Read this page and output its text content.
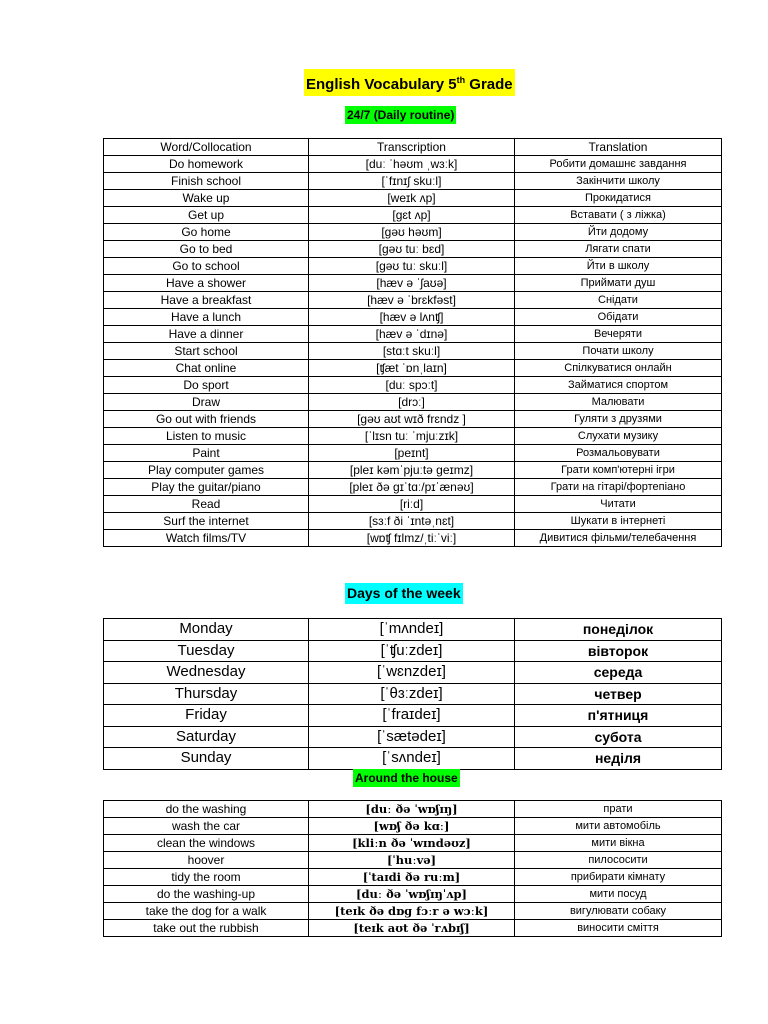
English Vocabulary 5th Grade
24/7 (Daily routine)
Word/Collocation	Transcription	Translation
Do homework	[duː ˈhəʊm ˌwɜːk]	Робити домашнє завдання
Finish school	[ˈfɪnɪʃ skuːl]	Закінчити школу
Wake up	[weɪk ʌp]	Прокидатися
Get up	[ɡɛt ʌp]	Вставати ( з ліжка)
Go home	[ɡəʊ həʊm]	Йти додому
Go to bed	[ɡəʊ tuː bɛd]	Лягати спати
Go to school	[ɡəʊ tuː skuːl]	Йти в школу
Have a shower	[hæv ə ˈʃaʊə]	Приймати душ
Have a breakfast	[hæv ə ˈbrɛkfəst]	Снідати
Have a lunch	[hæv ə lʌnʧ]	Обідати
Have a dinner	[hæv ə ˈdɪnə]	Вечеряти
Start school	[stɑːt skuːl]	Почати школу
Chat online	[ʧæt ˈɒnˌlaɪn]	Спілкуватися онлайн
Do sport	[duː spɔːt]	Займатися спортом
Draw	[drɔː]	Малювати
Go out with friends	[ɡəʊ aʊt wɪð frɛndz ]	Гуляти з друзями
Listen to music	[ˈlɪsn tuː ˈmjuːzɪk]	Слухати музику
Paint	[peɪnt]	Розмальовувати
Play computer games	[pleɪ kəmˈpjuːtə ɡeɪmz]	Грати комп'ютерні ігри
Play the guitar/piano	[pleɪ ðə ɡɪˈtɑː/pɪˈænəʊ]	Грати на гітарі/фортепіано
Read	[riːd]	Читати
Surf the internet	[sɜːf ði ˈɪntəˌnɛt]	Шукати в інтернеті
Watch films/TV	[wɒʧ fɪlmz/ˌtiːˈviː]	Дивитися фільми/телебачення
Days of the week
Monday	[ˈmʌndeɪ]	понеділок
Tuesday	[ˈʧuːzdeɪ]	вівторок
Wednesday	[ˈwɛnzdeɪ]	середа
Thursday	[ˈθɜːzdeɪ]	четвер
Friday	[ˈfraɪdeɪ]	п'ятниця
Saturday	[ˈsætədeɪ]	субота
Sunday	[ˈsʌndeɪ]	неділя
Around the house
do the washing	[duː ðə ˈwɒʃɪŋ]	прати
wash the car	[wɒʃ ðə kɑː]	мити автомобіль
clean the windows	[kliːn ðə ˈwɪndəʊz]	мити вікна
hoover	[ˈhuːvə]	пилососити
tidy the room	[ˈtaɪdi ðə ruːm]	прибирати кімнату
do the washing-up	[duː ðə ˈwɒʃɪŋˈʌp]	мити посуд
take the dog for a walk	[teɪk ðə dɒɡ fɔːr ə wɔːk]	вигулювати собаку
take out the rubbish	[teɪk aʊt ðə ˈrʌbɪʃ]	виносити сміття
